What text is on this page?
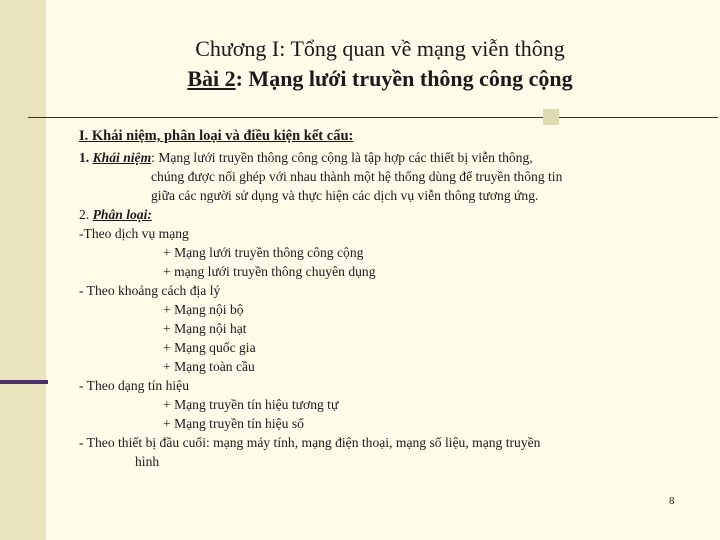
Chương I: Tổng quan về mạng viễn thông
Bài 2: Mạng lưới truyền thông công cộng
I. Khái niệm, phân loại và điều kiện kết cấu:
1. Khái niệm: Mạng lưới truyền thông công cộng là tập hợp các thiết bị viễn thông,
chúng được nối ghép với nhau thành một hệ thống dùng để truyền thông tin
giữa các người sử dụng và thực hiện các dịch vụ viễn thông tương ứng.
2. Phân loại:
-Theo dịch vụ mạng
+ Mạng lưới truyền thông công cộng
+ mạng lưới truyền thông chuyên dụng
- Theo khoảng cách địa lý
+ Mạng nội bộ
+ Mạng nội hạt
+ Mạng quốc gia
+ Mạng toàn cầu
- Theo dạng tín hiệu
+ Mạng truyền tín hiệu tương tự
+ Mạng truyền tín hiệu số
- Theo thiết bị đầu cuối: mạng máy tính, mạng điện thoại, mạng số liệu, mạng truyền
hình
8
